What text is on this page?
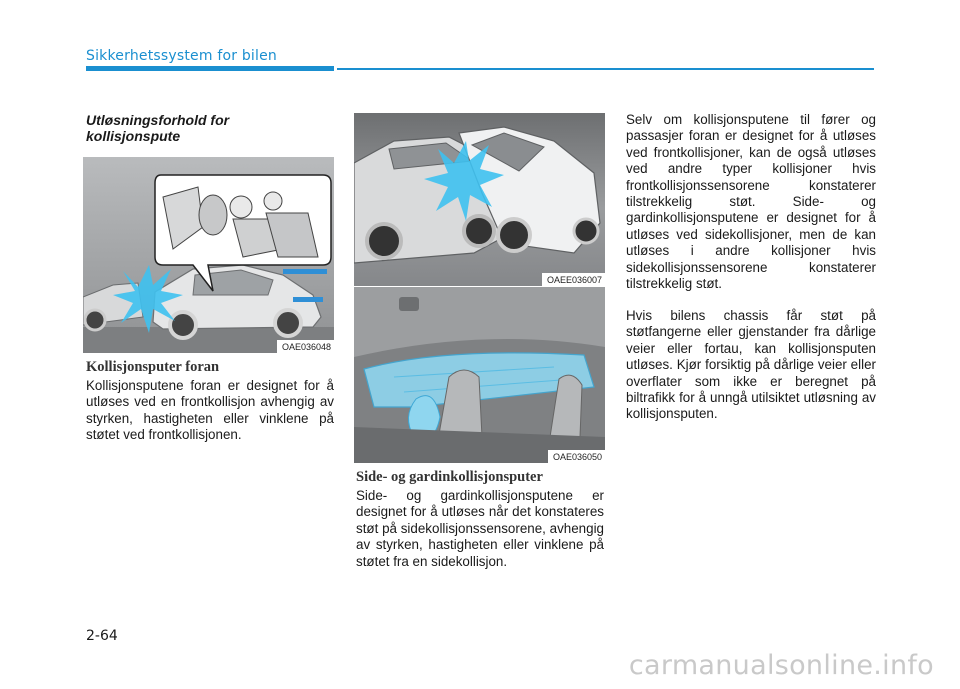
Sikkerhetssystem for bilen
Utløsningsforhold for kollisjonspute
OAE036048
Kollisjonsputer foran

Kollisjonsputene foran er designet for å utløses ved en frontkollisjon avhengig av styrken, hastigheten eller vinklene på støtet ved frontkollisjonen.

OAEE036007
OAE036050
Side- og gardinkollisjonsputer

Side- og gardinkollisjonsputene er designet for å utløses når det konstateres støt på sidekollisjonssensorene, avhengig av styrken, hastigheten eller vinklene på støtet fra en sidekollisjon.

Selv om kollisjonsputene til fører og passasjer foran er designet for å utløses ved frontkollisjoner, kan de også utløses ved andre typer kollisjoner hvis frontkollisjonssensorene konstaterer tilstrekkelig støt. Side- og gardinkollisjonsputene er designet for å utløses ved sidekollisjoner, men de kan utløses i andre kollisjoner hvis sidekollisjonssensorene konstaterer tilstrekkelig støt.

Hvis bilens chassis får støt på støtfangerne eller gjenstander fra dårlige veier eller fortau, kan kollisjonsputen utløses. Kjør forsiktig på dårlige veier eller overflater som ikke er beregnet på biltrafikk for å unngå utilsiktet utløsning av kollisjonsputen.

2-64
carmanualsonline.info
